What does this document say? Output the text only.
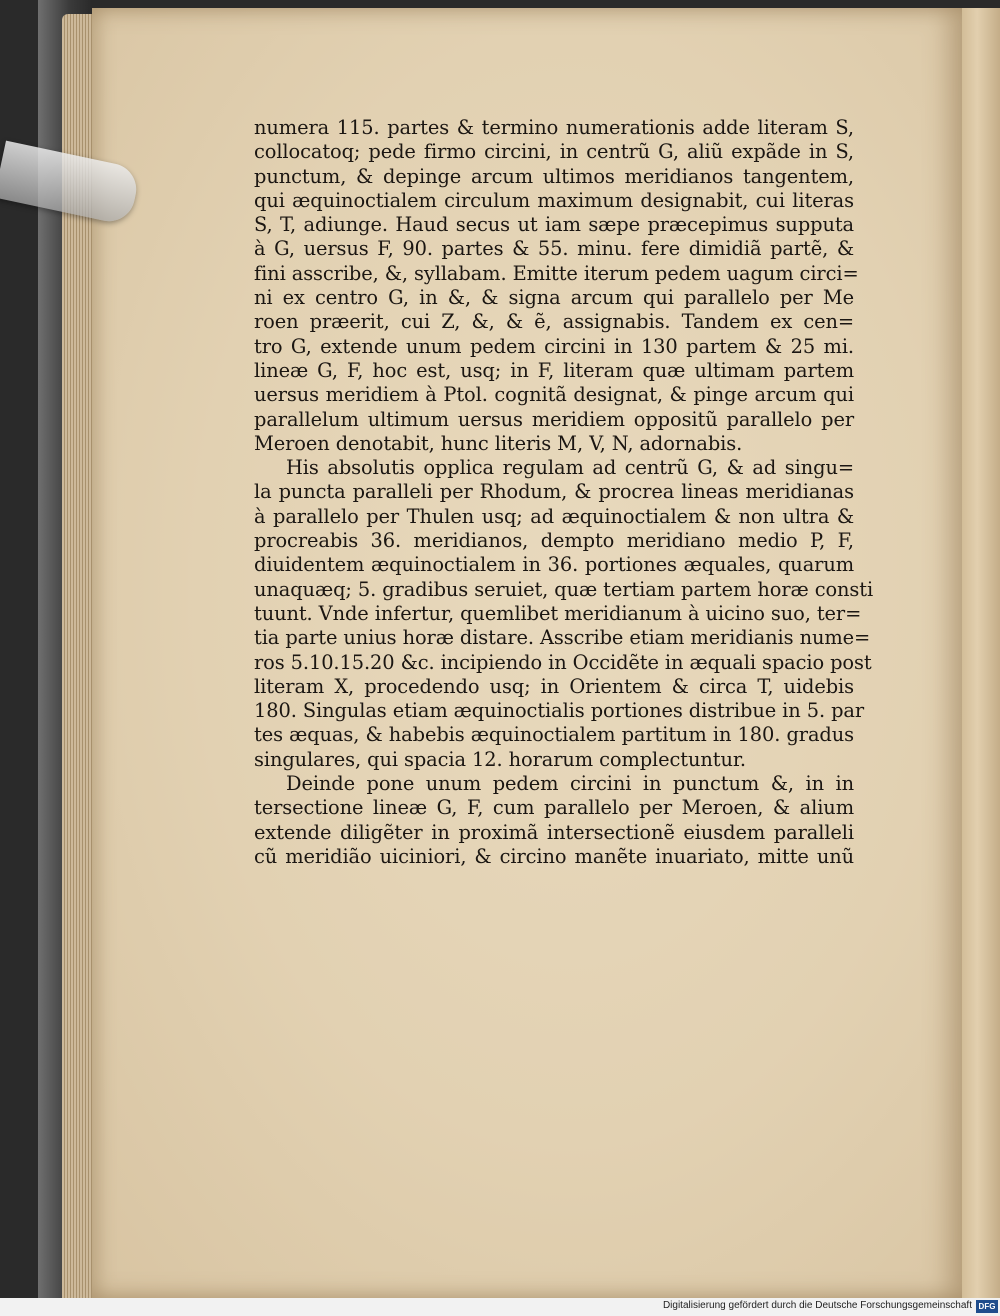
numera 115. partes & termino numerationis adde literam S,
collocatoq; pede firmo circini, in centrũ G, aliũ expãde in S,
punctum, & depinge arcum ultimos meridianos tangentem,
qui æquinoctialem circulum maximum designabit, cui literas
S, T, adiunge. Haud secus ut iam sæpe præcepimus supputa
à G, uersus F, 90. partes & 55. minu. fere dimidiã partẽ, &
fini asscribe, &, syllabam. Emitte iterum pedem uagum circi=
ni ex centro G, in &, & signa arcum qui parallelo per Me
roen præerit, cui Z, &, & ẽ, assignabis. Tandem ex cen=
tro G, extende unum pedem circini in 130 partem & 25 mi.
lineæ G, F, hoc est, usq; in F, literam quæ ultimam partem
uersus meridiem à Ptol. cognitã designat, & pinge arcum qui
parallelum ultimum uersus meridiem oppositũ parallelo per
Meroen denotabit, hunc literis M, V, N, adornabis.
His absolutis opplica regulam ad centrũ G, & ad singu=
la puncta paralleli per Rhodum, & procrea lineas meridianas
à parallelo per Thulen usq; ad æquinoctialem & non ultra &
procreabis 36. meridianos, dempto meridiano medio P, F,
diuidentem æquinoctialem in 36. portiones æquales, quarum
unaquæq; 5. gradibus seruiet, quæ tertiam partem horæ consti
tuunt. Vnde infertur, quemlibet meridianum à uicino suo, ter=
tia parte unius horæ distare. Asscribe etiam meridianis nume=
ros 5.10.15.20 &c. incipiendo in Occidẽte in æquali spacio post
literam X, procedendo usq; in Orientem & circa T, uidebis
180. Singulas etiam æquinoctialis portiones distribue in 5. par
tes æquas, & habebis æquinoctialem partitum in 180. gradus
singulares, qui spacia 12. horarum complectuntur.
Deinde pone unum pedem circini in punctum &, in in
tersectione lineæ G, F, cum parallelo per Meroen, & alium
extende diligẽter in proximã intersectionẽ eiusdem paralleli
cũ meridião uiciniori, & circino manẽte inuariato, mitte unũ
Digitalisierung gefördert durch die Deutsche Forschungsgemeinschaft DFG
